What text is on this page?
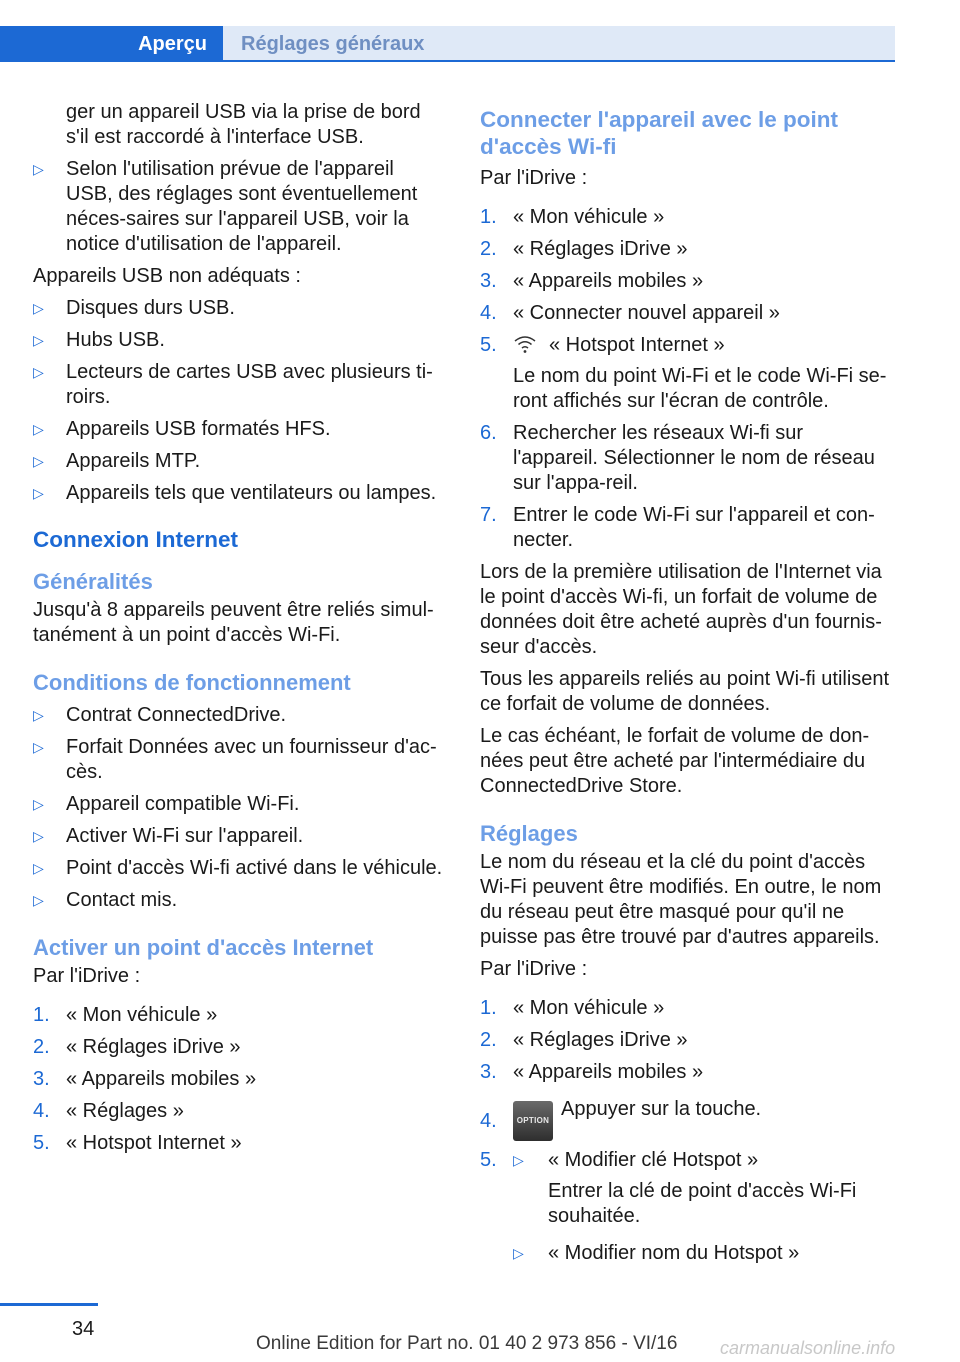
Aperçu Réglages généraux

ger un appareil USB via la prise de bord s'il est raccordé à l'interface USB.

▷ Selon l'utilisation prévue de l'appareil USB, des réglages sont éventuellement néces-saires sur l'appareil USB, voir la notice d'utilisation de l'appareil.

Appareils USB non adéquats :

▷ Disques durs USB.
▷ Hubs USB.
▷ Lecteurs de cartes USB avec plusieurs ti-roirs.
▷ Appareils USB formatés HFS.
▷ Appareils MTP.
▷ Appareils tels que ventilateurs ou lampes.
Connexion Internet
Généralités

Jusqu'à 8 appareils peuvent être reliés simul-tanément à un point d'accès Wi-Fi.

Conditions de fonctionnement
▷ Contrat ConnectedDrive.
▷ Forfait Données avec un fournisseur d'ac-cès.
▷ Appareil compatible Wi-Fi.
▷ Activer Wi-Fi sur l'appareil.
▷ Point d'accès Wi-fi activé dans le véhicule.
▷ Contact mis.
Activer un point d'accès Internet

Par l'iDrive :

1. « Mon véhicule »
2. « Réglages iDrive »
3. « Appareils mobiles »
4. « Réglages »
5. « Hotspot Internet »
Connecter l'appareil avec le point d'accès Wi-fi

Par l'iDrive :

1. « Mon véhicule »
2. « Réglages iDrive »
3. « Appareils mobiles »
4. « Connecter nouvel appareil »
5.	« Hotspot Internet »

Le nom du point Wi-Fi et le code Wi-Fi se-ront affichés sur l'écran de contrôle.

6. Rechercher les réseaux Wi-fi sur l'appareil. Sélectionner le nom de réseau sur l'appa-reil.
7. Entrer le code Wi-Fi sur l'appareil et con-necter.

Lors de la première utilisation de l'Internet via le point d'accès Wi-fi, un forfait de volume de données doit être acheté auprès d'un fournis-seur d'accès.

Tous les appareils reliés au point Wi-fi utilisent ce forfait de volume de données.

Le cas échéant, le forfait de volume de don-nées peut être acheté par l'intermédiaire du ConnectedDrive Store.

Réglages

Le nom du réseau et la clé du point d'accès Wi-Fi peuvent être modifiés. En outre, le nom du réseau peut être masqué pour qu'il ne puisse pas être trouvé par d'autres appareils.

Par l'iDrive :

1. « Mon véhicule »
2. « Réglages iDrive »
3. « Appareils mobiles »
4.	OPTIONAppuyer sur la touche.
5. ▷ « Modifier clé Hotspot »

Entrer la clé de point d'accès Wi-Fi souhaitée.

▷ « Modifier nom du Hotspot »
34
Online Edition for Part no. 01 40 2 973 856 - VI/16 carmanualsonline.info
